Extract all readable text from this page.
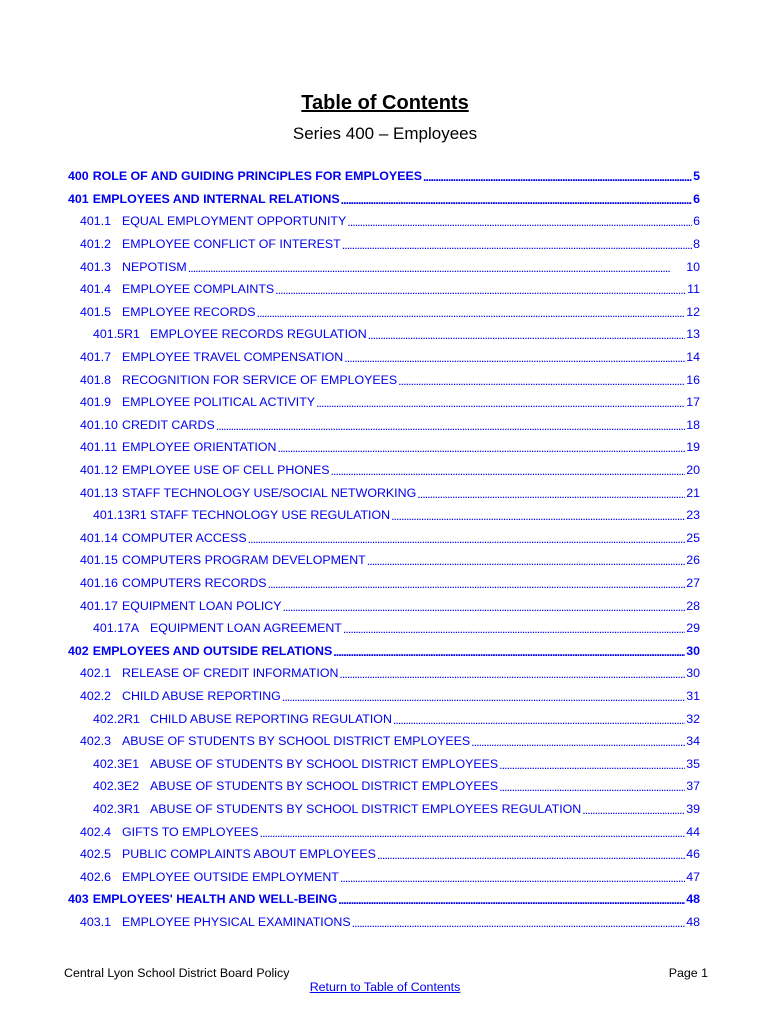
Table of Contents

Series 400 – Employees

400 ROLE OF AND GUIDING PRINCIPLES FOR EMPLOYEES . . .	5
401 EMPLOYEES AND INTERNAL RELATIONS . . .	6
401.1 EQUAL EMPLOYMENT OPPORTUNITY . . .	6
401.2 EMPLOYEE CONFLICT OF INTEREST . . .	8
401.3 NEPOTISM . . .	10
401.4 EMPLOYEE COMPLAINTS . . .	11
401.5 EMPLOYEE RECORDS . . .	12
401.5R1 EMPLOYEE RECORDS REGULATION . . .	13
401.7 EMPLOYEE TRAVEL COMPENSATION . . .	14
401.8 RECOGNITION FOR SERVICE OF EMPLOYEES . . .	16
401.9 EMPLOYEE POLITICAL ACTIVITY . . .	17
401.10 CREDIT CARDS . . .	18
401.11 EMPLOYEE ORIENTATION . . .	19
401.12 EMPLOYEE USE OF CELL PHONES . . .	20
401.13 STAFF TECHNOLOGY USE/SOCIAL NETWORKING . . .	21
401.13R1 STAFF TECHNOLOGY USE REGULATION . . .	23
401.14 COMPUTER ACCESS . . .	25
401.15 COMPUTERS PROGRAM DEVELOPMENT . . .	26
401.16 COMPUTERS RECORDS . . .	27
401.17 EQUIPMENT LOAN POLICY . . .	28
401.17A EQUIPMENT LOAN AGREEMENT . . .	29
402 EMPLOYEES AND OUTSIDE RELATIONS . . .	30
402.1 RELEASE OF CREDIT INFORMATION . . .	30
402.2 CHILD ABUSE REPORTING . . .	31
402.2R1 CHILD ABUSE REPORTING REGULATION . . .	32
402.3 ABUSE OF STUDENTS BY SCHOOL DISTRICT EMPLOYEES . . .	34
402.3E1 ABUSE OF STUDENTS BY SCHOOL DISTRICT EMPLOYEES . . .	35
402.3E2 ABUSE OF STUDENTS BY SCHOOL DISTRICT EMPLOYEES . . .	37
402.3R1 ABUSE OF STUDENTS BY SCHOOL DISTRICT EMPLOYEES REGULATION . . .	39
402.4 GIFTS TO EMPLOYEES . . .	44
402.5 PUBLIC COMPLAINTS ABOUT EMPLOYEES . . .	46
402.6 EMPLOYEE OUTSIDE EMPLOYMENT . . .	47
403 EMPLOYEES' HEALTH AND WELL-BEING . . .	48
403.1 EMPLOYEE PHYSICAL EXAMINATIONS . . .	48

Central Lyon School District Board Policy	Page 1

Return to Table of Contents
